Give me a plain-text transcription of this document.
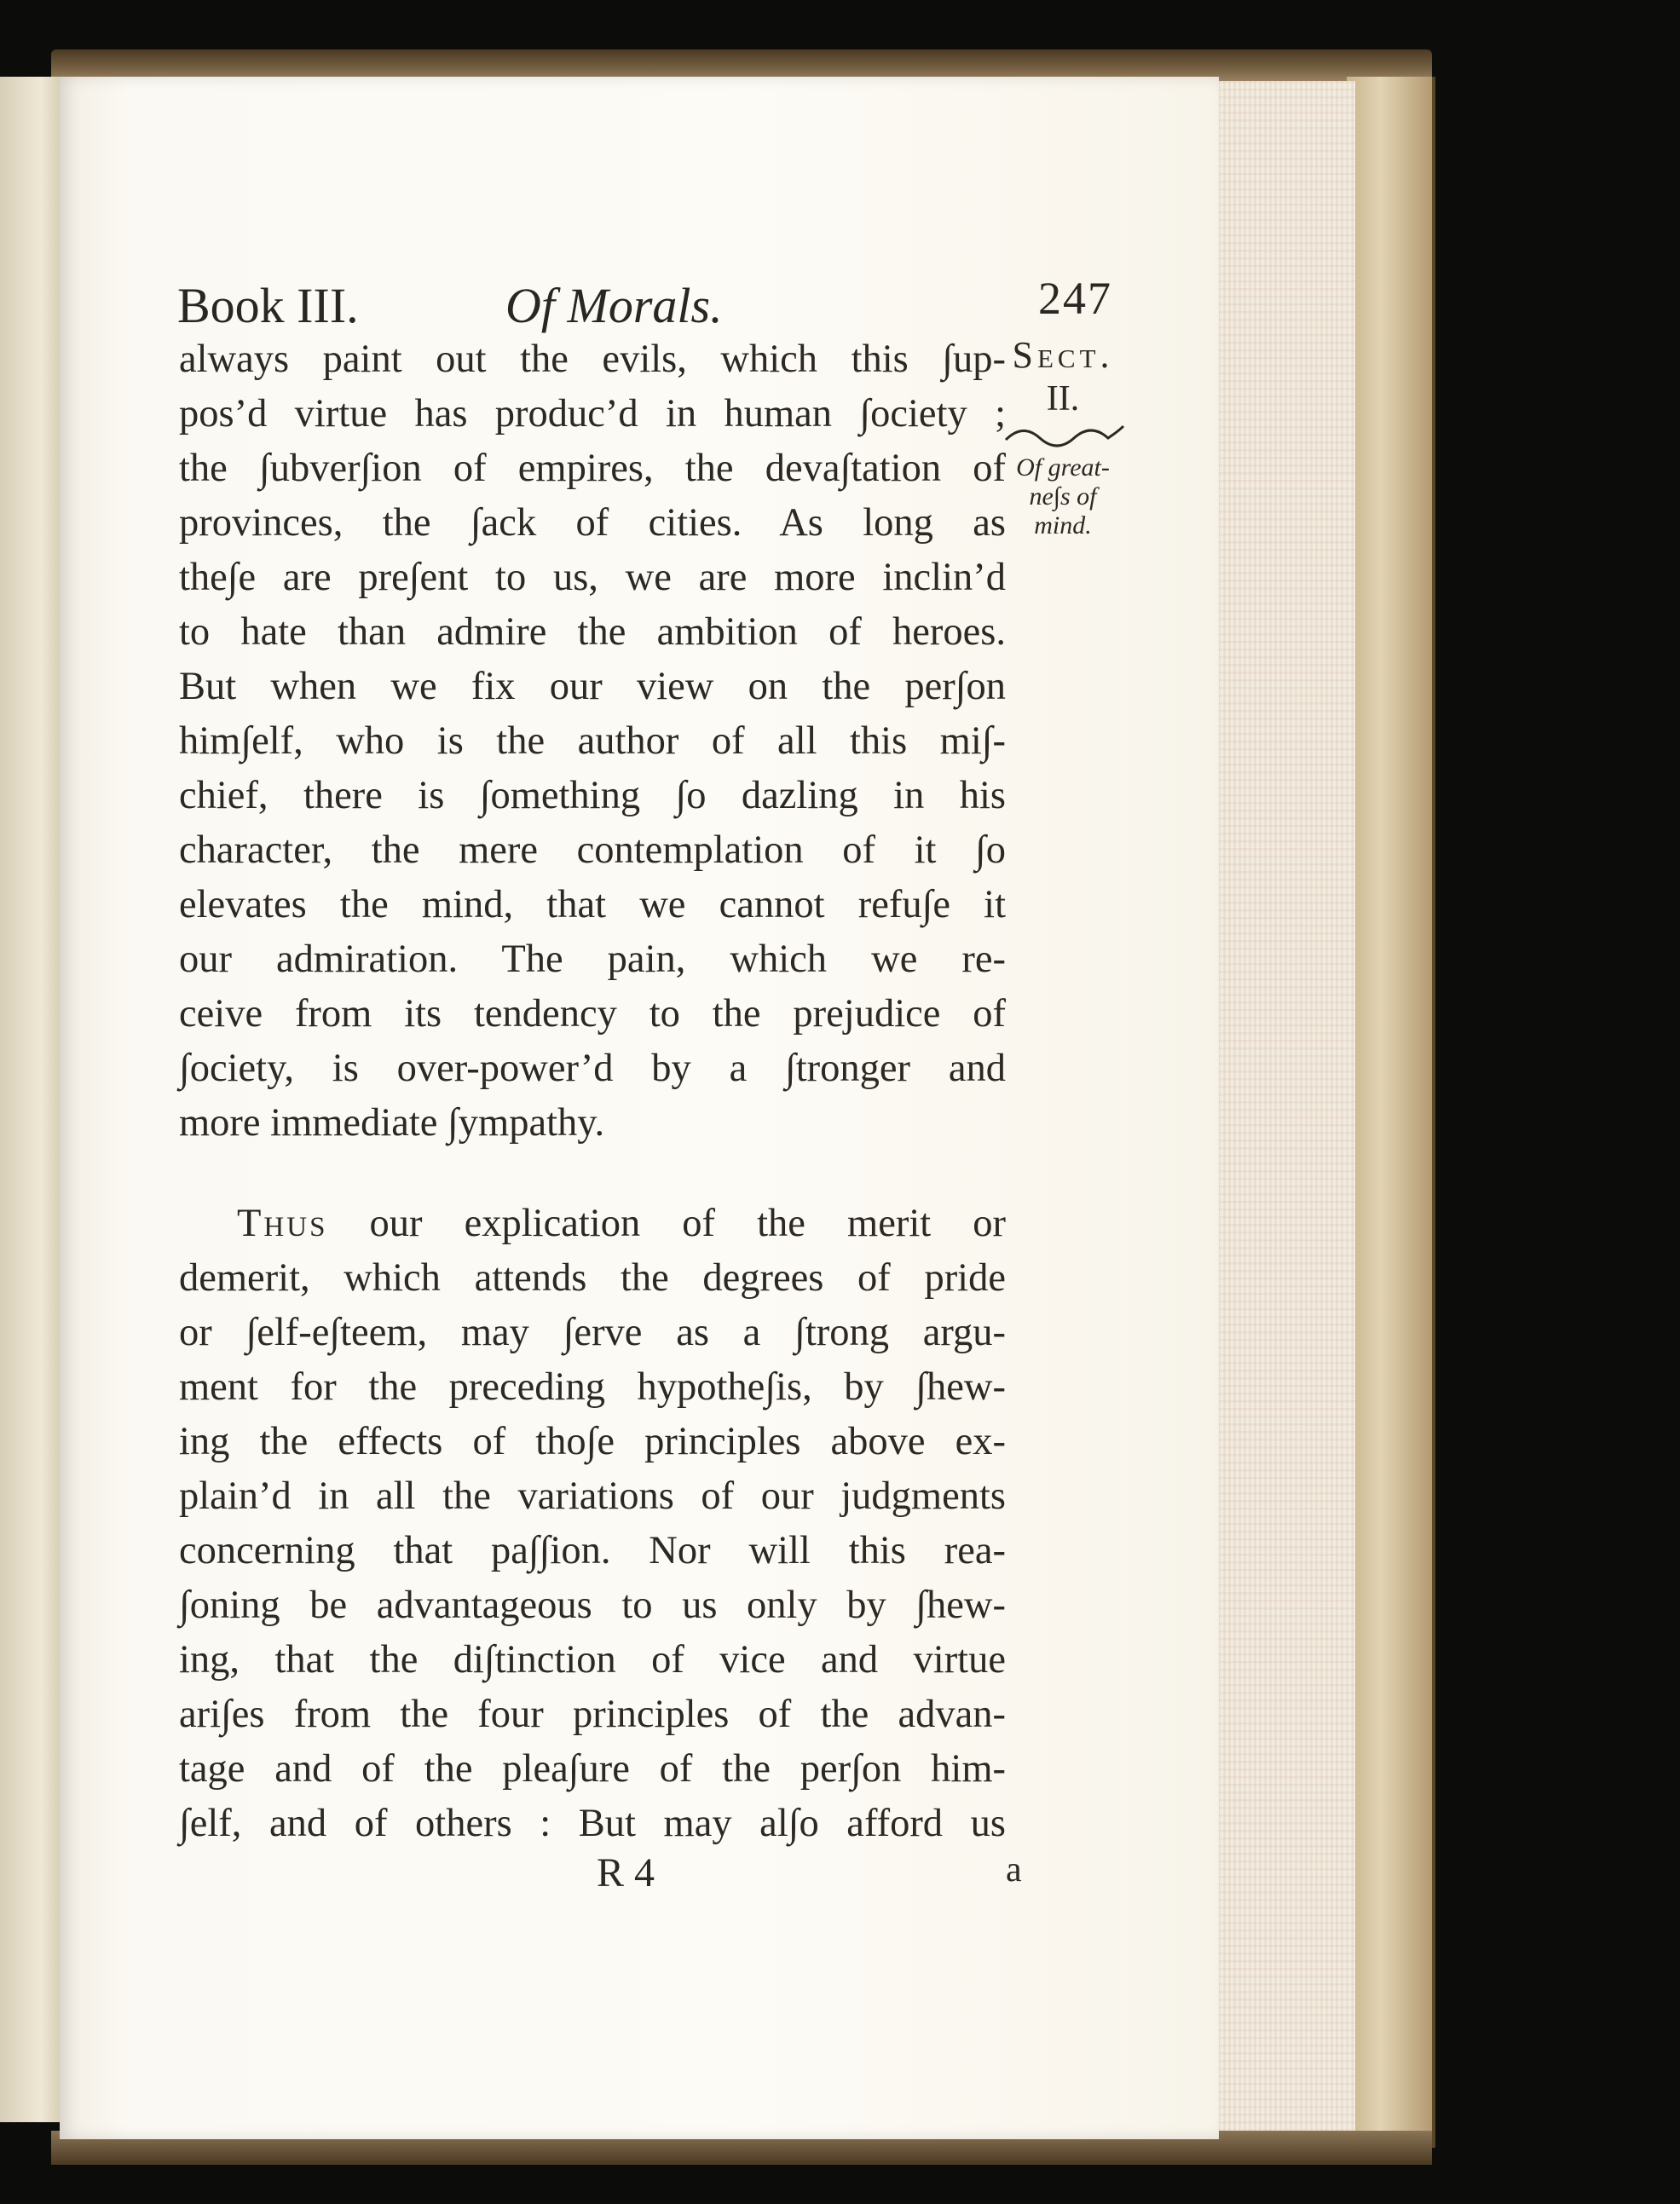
Book III.	Of Morals.	247
Sect.
II.
Of great-
ne∫s of
mind.
always paint out the evils, which this ∫up-
pos’d virtue has produc’d in human ∫ociety ;
the ∫ubver∫ion of empires, the deva∫tation of
provinces, the ∫ack of cities. As long as
the∫e are pre∫ent to us, we are more inclin’d
to hate than admire the ambition of heroes.
But when we fix our view on the per∫on
him∫elf, who is the author of all this mi∫-
chief, there is ∫omething ∫o dazling in his
character, the mere contemplation of it ∫o
elevates the mind, that we cannot refu∫e it
our admiration. The pain, which we re-
ceive from its tendency to the prejudice of
∫ociety, is over-power’d by a ∫tronger and
more immediate ∫ympathy.
Thus our explication of the merit or
demerit, which attends the degrees of pride
or ∫elf-e∫teem, may ∫erve as a ∫trong argu-
ment for the preceding hypothe∫is, by ∫hew-
ing the effects of tho∫e principles above ex-
plain’d in all the variations of our judgments
concerning that pa∫∫ion. Nor will this rea-
∫oning be advantageous to us only by ∫hew-
ing, that the di∫tinction of vice and virtue
ari∫es from the four principles of the advan-
tage and of the plea∫ure of the per∫on him-
∫elf, and of others : But may al∫o afford us
R 4	a
